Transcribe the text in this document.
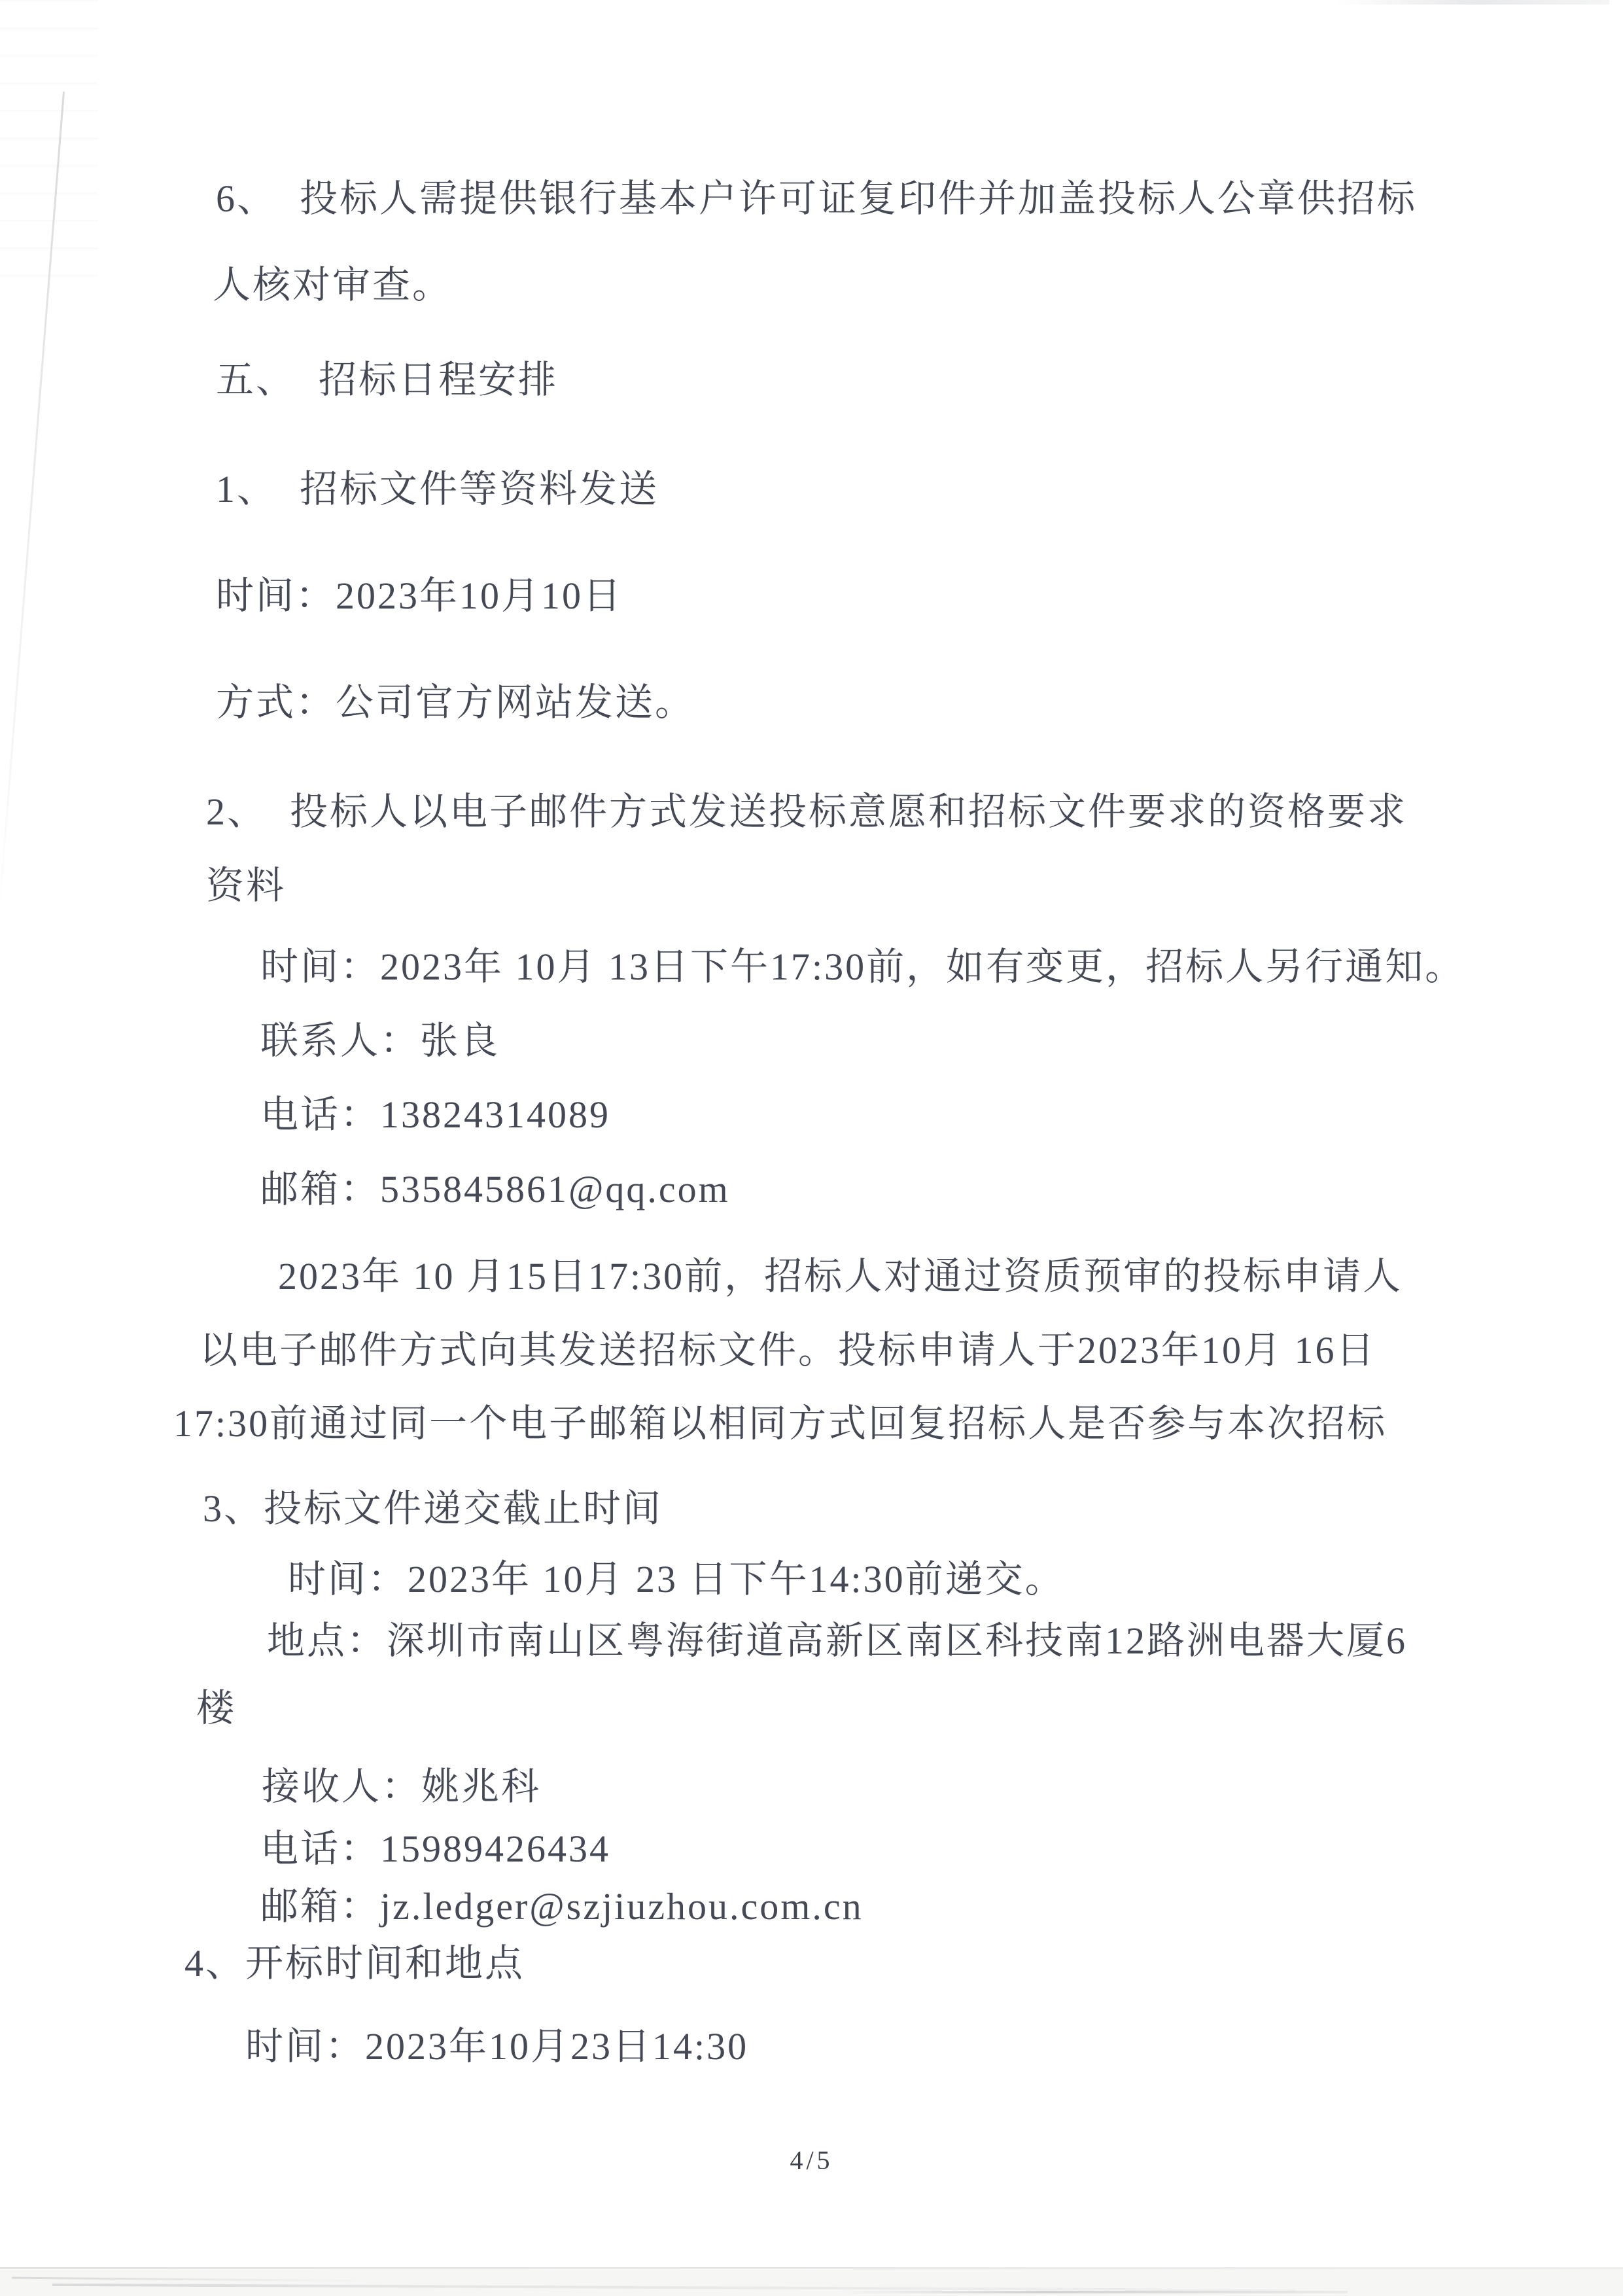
6、  投标人需提供银行基本户许可证复印件并加盖投标人公章供招标
人核对审查。
五、  招标日程安排
1、  招标文件等资料发送
时间：2023年10月10日
方式：公司官方网站发送。
2、  投标人以电子邮件方式发送投标意愿和招标文件要求的资格要求
资料
时间：2023年 10月 13日下午17:30前，如有变更，招标人另行通知。
联系人：张良
电话：13824314089
邮箱：535845861@qq.com
2023年 10 月15日17:30前，招标人对通过资质预审的投标申请人
以电子邮件方式向其发送招标文件。投标申请人于2023年10月 16日
17:30前通过同一个电子邮箱以相同方式回复招标人是否参与本次招标
3、投标文件递交截止时间
时间：2023年 10月 23 日下午14:30前递交。
地点：深圳市南山区粤海街道高新区南区科技南12路洲电器大厦6
楼
接收人：姚兆科
电话：15989426434
邮箱：jz.ledger@szjiuzhou.com.cn
4、开标时间和地点
时间：2023年10月23日14:30
4/5
